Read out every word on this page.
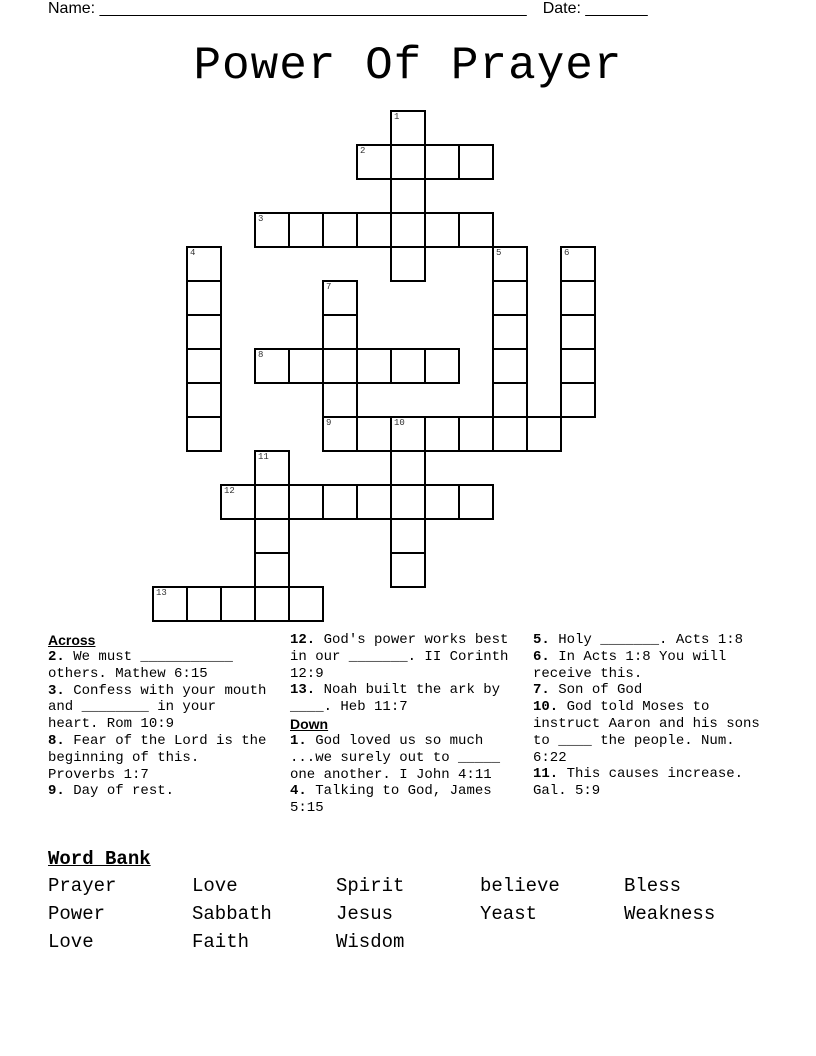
Name: ________________________________________________ Date: _______
Power Of Prayer
1
2
3
4	5	6
7
9
8
10
11
12
13
Across
2. We must ___________ others. Mathew 6:15
3. Confess with your mouth and ________ in your heart. Rom 10:9
8. Fear of the Lord is the beginning of this. Proverbs 1:7
9. Day of rest.
12. God's power works best in our _______. II Corinth 12:9
13. Noah built the ark by ____. Heb 11:7
Down
1. God loved us so much ...we surely out to _____ one another. I John 4:11
4. Talking to God, James 5:15
5. Holy _______. Acts 1:8
6. In Acts 1:8 You will receive this.
7. Son of God
10. God told Moses to instruct Aaron and his sons to ____ the people. Num. 6:22
11. This causes increase. Gal. 5:9
Word Bank
Prayer	Love	Spirit	believe	Bless
Power	Sabbath	Jesus	Yeast	Weakness
Love	Faith	Wisdom
